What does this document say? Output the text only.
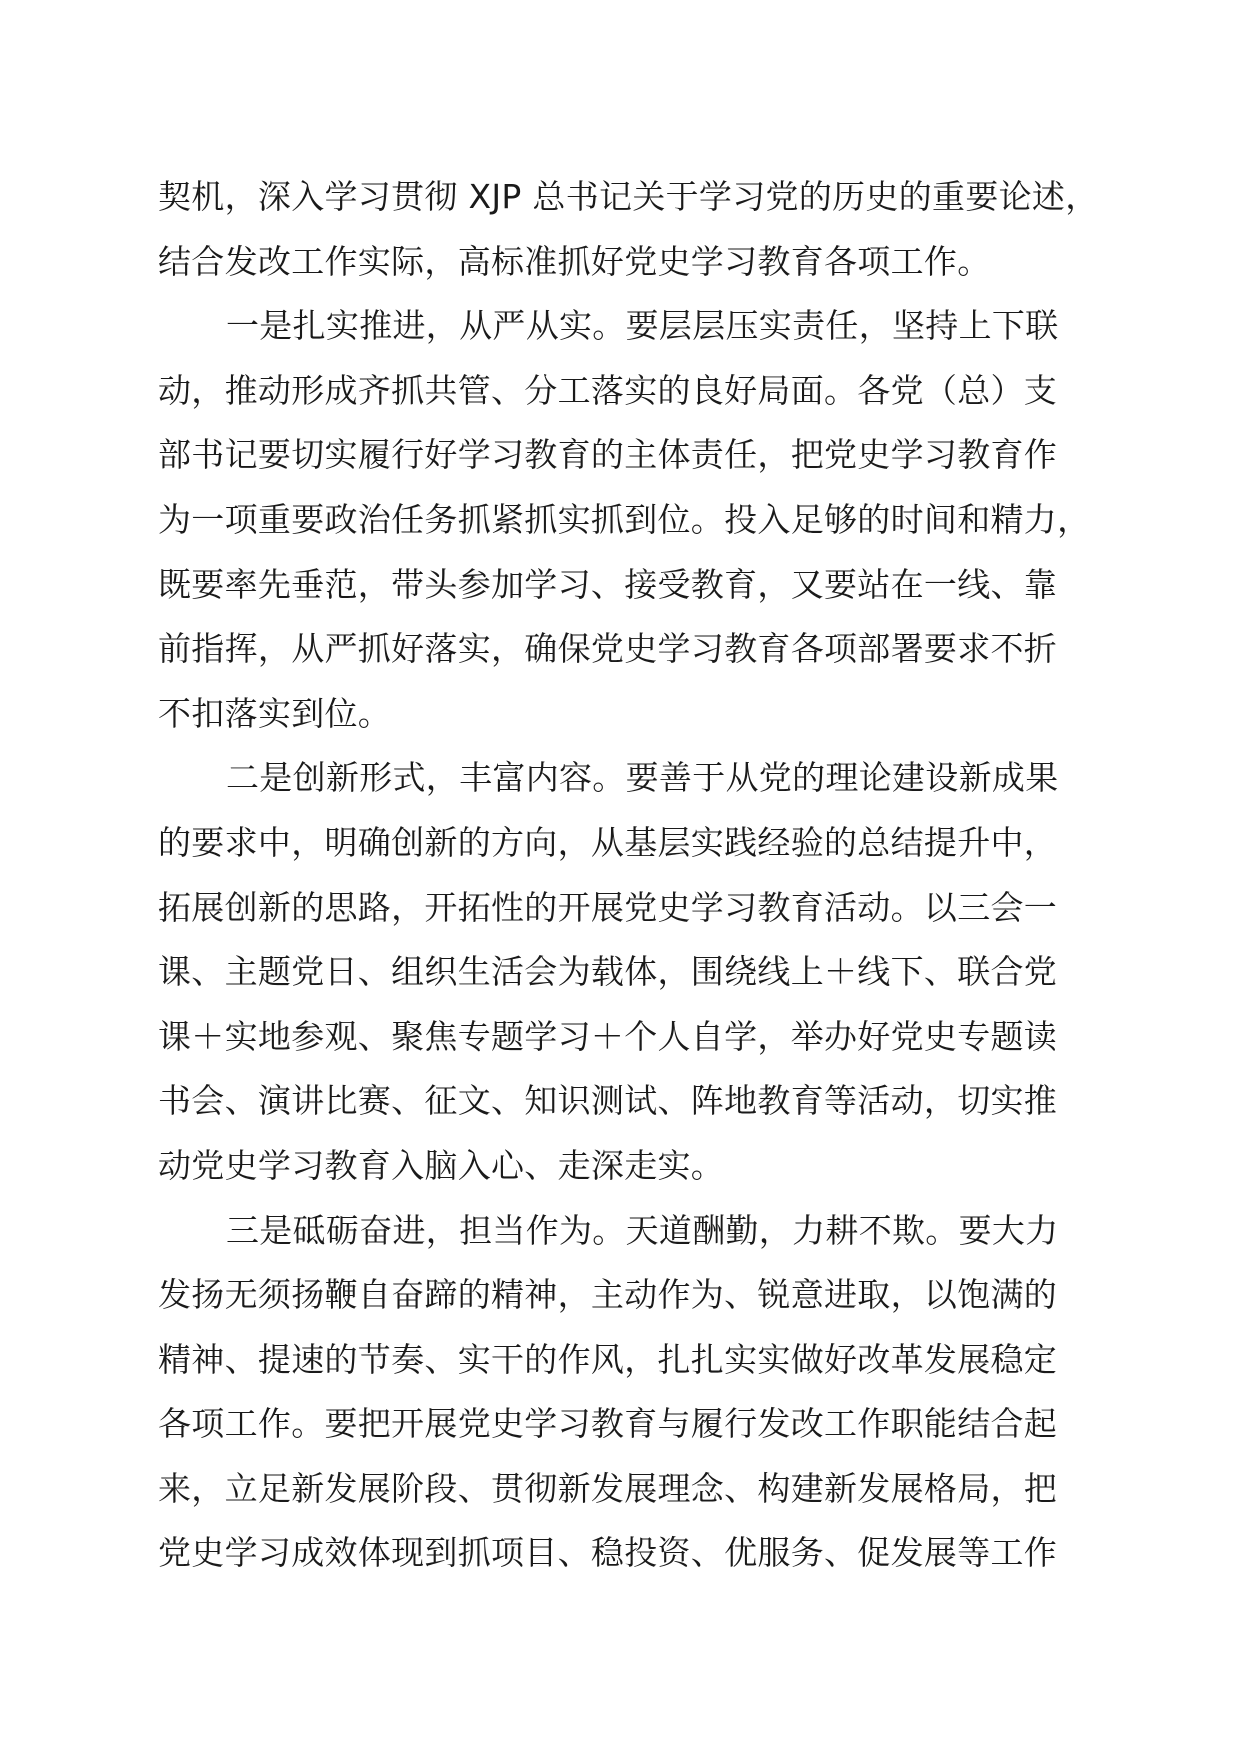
契机，深入学习贯彻 XJP 总书记关于学习党的历史的重要论述，
结合发改工作实际，高标准抓好党史学习教育各项工作。
一是扎实推进，从严从实。要层层压实责任，坚持上下联
动，推动形成齐抓共管、分工落实的良好局面。各党（总）支
部书记要切实履行好学习教育的主体责任，把党史学习教育作
为一项重要政治任务抓紧抓实抓到位。投入足够的时间和精力，
既要率先垂范，带头参加学习、接受教育，又要站在一线、靠
前指挥，从严抓好落实，确保党史学习教育各项部署要求不折
不扣落实到位。
二是创新形式，丰富内容。要善于从党的理论建设新成果
的要求中，明确创新的方向，从基层实践经验的总结提升中，
拓展创新的思路，开拓性的开展党史学习教育活动。以三会一
课、主题党日、组织生活会为载体，围绕线上＋线下、联合党
课＋实地参观、聚焦专题学习＋个人自学，举办好党史专题读
书会、演讲比赛、征文、知识测试、阵地教育等活动，切实推
动党史学习教育入脑入心、走深走实。
三是砥砺奋进，担当作为。天道酬勤，力耕不欺。要大力
发扬无须扬鞭自奋蹄的精神，主动作为、锐意进取，以饱满的
精神、提速的节奏、实干的作风，扎扎实实做好改革发展稳定
各项工作。要把开展党史学习教育与履行发改工作职能结合起
来，立足新发展阶段、贯彻新发展理念、构建新发展格局，把
党史学习成效体现到抓项目、稳投资、优服务、促发展等工作
